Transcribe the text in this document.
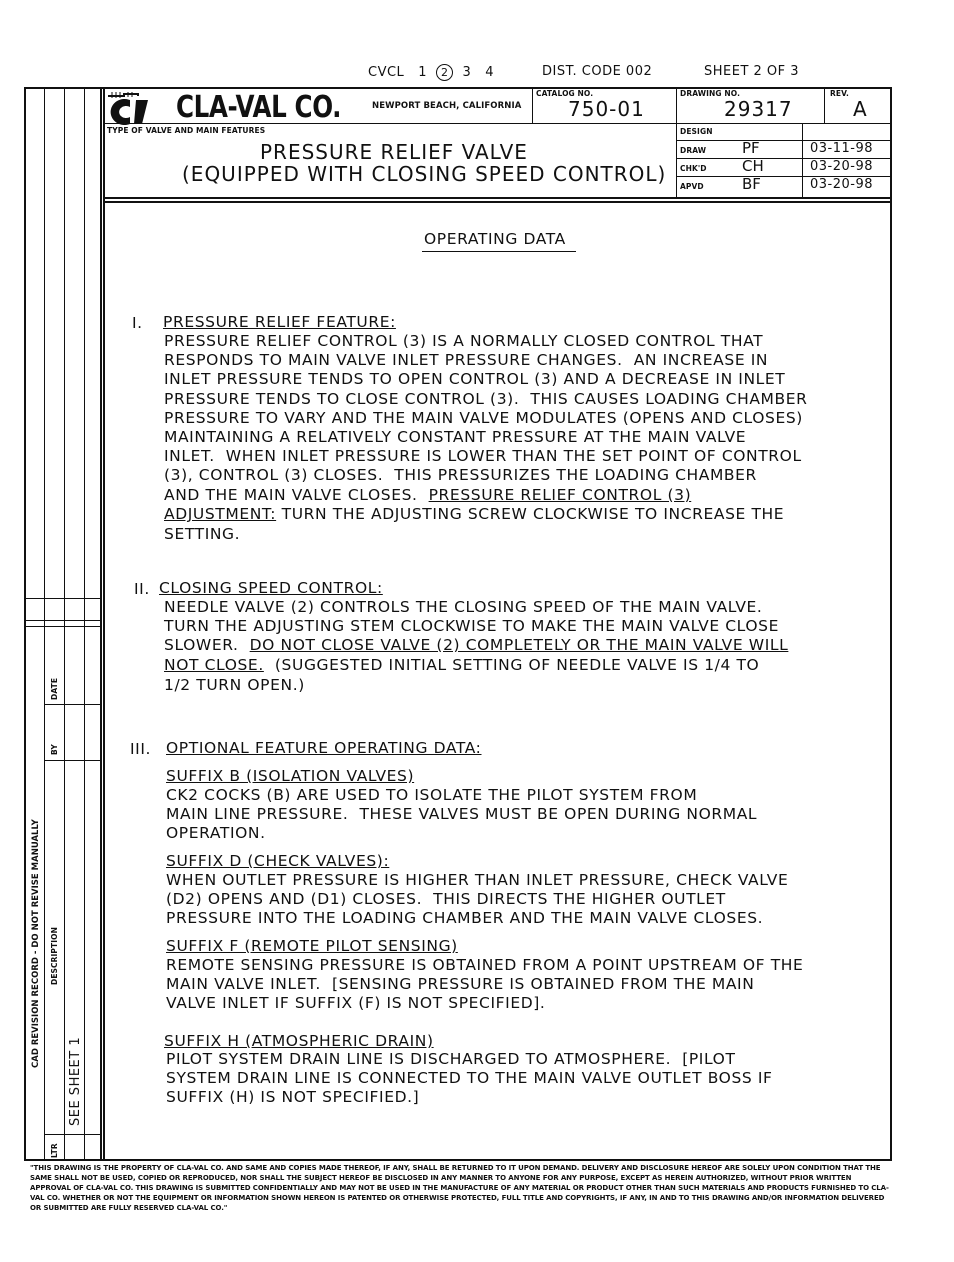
CVCL 1 2 3 4	DIST. CODE 002	SHEET 2 OF 3
DATE
BY
DESCRIPTION
CAD REVISION RECORD - DO NOT REVISE MANUALLY
SEE SHEET 1
LTR
CLA-VAL CO.	NEWPORT BEACH, CALIFORNIA
CATALOG NO.
750-01
DRAWING NO.
29317
REV.
A
TYPE OF VALVE AND MAIN FEATURES
PRESSURE RELIEF VALVE
(EQUIPPED WITH CLOSING SPEED CONTROL)
DESIGN
DRAW PF	03-11-98
CHK'D CH	03-20-98
APVD	BF	03-20-98
OPERATING DATA
I. PRESSURE RELIEF FEATURE:
PRESSURE RELIEF CONTROL (3) IS A NORMALLY CLOSED CONTROL THAT
RESPONDS TO MAIN VALVE INLET PRESSURE CHANGES.  AN INCREASE IN
INLET PRESSURE TENDS TO OPEN CONTROL (3) AND A DECREASE IN INLET
PRESSURE TENDS TO CLOSE CONTROL (3).  THIS CAUSES LOADING CHAMBER
PRESSURE TO VARY AND THE MAIN VALVE MODULATES (OPENS AND CLOSES)
MAINTAINING A RELATIVELY CONSTANT PRESSURE AT THE MAIN VALVE
INLET.  WHEN INLET PRESSURE IS LOWER THAN THE SET POINT OF CONTROL
(3), CONTROL (3) CLOSES.  THIS PRESSURIZES THE LOADING CHAMBER
AND THE MAIN VALVE CLOSES.  PRESSURE RELIEF CONTROL (3)
ADJUSTMENT: TURN THE ADJUSTING SCREW CLOCKWISE TO INCREASE THE
SETTING.
II. CLOSING SPEED CONTROL:
NEEDLE VALVE (2) CONTROLS THE CLOSING SPEED OF THE MAIN VALVE.
TURN THE ADJUSTING STEM CLOCKWISE TO MAKE THE MAIN VALVE CLOSE
SLOWER.  DO NOT CLOSE VALVE (2) COMPLETELY OR THE MAIN VALVE WILL
NOT CLOSE.  (SUGGESTED INITIAL SETTING OF NEEDLE VALVE IS 1/4 TO
1/2 TURN OPEN.)
III. OPTIONAL FEATURE OPERATING DATA:
SUFFIX B (ISOLATION VALVES)
CK2 COCKS (B) ARE USED TO ISOLATE THE PILOT SYSTEM FROM
MAIN LINE PRESSURE.  THESE VALVES MUST BE OPEN DURING NORMAL
OPERATION.
SUFFIX D (CHECK VALVES):
WHEN OUTLET PRESSURE IS HIGHER THAN INLET PRESSURE, CHECK VALVE
(D2) OPENS AND (D1) CLOSES.  THIS DIRECTS THE HIGHER OUTLET
PRESSURE INTO THE LOADING CHAMBER AND THE MAIN VALVE CLOSES.
SUFFIX F (REMOTE PILOT SENSING)
REMOTE SENSING PRESSURE IS OBTAINED FROM A POINT UPSTREAM OF THE
MAIN VALVE INLET.  [SENSING PRESSURE IS OBTAINED FROM THE MAIN
VALVE INLET IF SUFFIX (F) IS NOT SPECIFIED].
SUFFIX H (ATMOSPHERIC DRAIN)
PILOT SYSTEM DRAIN LINE IS DISCHARGED TO ATMOSPHERE.  [PILOT
SYSTEM DRAIN LINE IS CONNECTED TO THE MAIN VALVE OUTLET BOSS IF
SUFFIX (H) IS NOT SPECIFIED.]
"THIS DRAWING IS THE PROPERTY OF CLA-VAL CO. AND SAME AND COPIES MADE THEREOF, IF ANY, SHALL BE RETURNED TO IT UPON DEMAND. DELIVERY AND DISCLOSURE HEREOF ARE SOLELY UPON CONDITION THAT THE SAME SHALL NOT BE USED, COPIED OR REPRODUCED, NOR SHALL THE SUBJECT HEREOF BE DISCLOSED IN ANY MANNER TO ANYONE FOR ANY PURPOSE, EXCEPT AS HEREIN AUTHORIZED, WITHOUT PRIOR WRITTEN APPROVAL OF CLA-VAL CO. THIS DRAWING IS SUBMITTED CONFIDENTIALLY AND MAY NOT BE USED IN THE MANUFACTURE OF ANY MATERIAL OR PRODUCT OTHER THAN SUCH MATERIALS AND PRODUCTS FURNISHED TO CLA-VAL CO. WHETHER OR NOT THE EQUIPMENT OR INFORMATION SHOWN HEREON IS PATENTED OR OTHERWISE PROTECTED, FULL TITLE AND COPYRIGHTS, IF ANY, IN AND TO THIS DRAWING AND/OR INFORMATION DELIVERED OR SUBMITTED ARE FULLY RESERVED CLA-VAL CO."
